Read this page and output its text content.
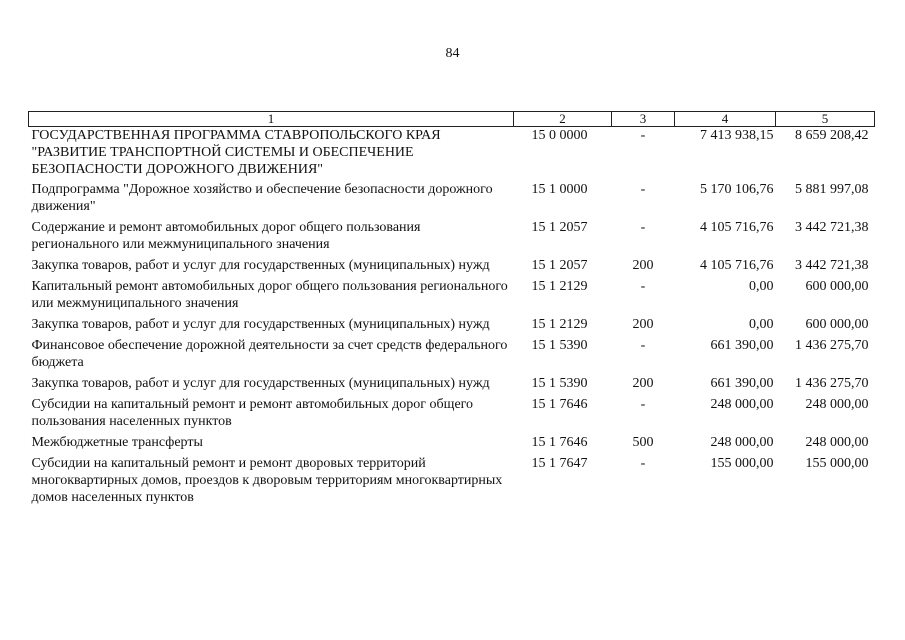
84
1	2	3	4	5
ГОСУДАРСТВЕННАЯ ПРОГРАММА СТАВРОПОЛЬСКОГО КРАЯ "РАЗВИТИЕ ТРАНСПОРТНОЙ СИСТЕМЫ И ОБЕСПЕЧЕНИЕ БЕЗОПАСНОСТИ ДОРОЖНОГО ДВИЖЕНИЯ"	15 0 0000	-	7 413 938,15	8 659 208,42
Подпрограмма "Дорожное хозяйство и обеспечение безопасности дорожного движения"	15 1 0000	-	5 170 106,76	5 881 997,08
Содержание и ремонт автомобильных дорог общего пользования регионального или межмуниципального значения	15 1 2057	-	4 105 716,76	3 442 721,38
Закупка товаров, работ и услуг для государственных (муниципальных) нужд	15 1 2057	200	4 105 716,76	3 442 721,38
Капитальный ремонт автомобильных дорог общего пользования регионального или межмуниципального значения	15 1 2129	-	0,00	600 000,00
Закупка товаров, работ и услуг для государственных (муниципальных) нужд	15 1 2129	200	0,00	600 000,00
Финансовое обеспечение дорожной деятельности за счет средств федерального бюджета	15 1 5390	-	661 390,00	1 436 275,70
Закупка товаров, работ и услуг для государственных (муниципальных) нужд	15 1 5390	200	661 390,00	1 436 275,70
Субсидии на капитальный ремонт и ремонт автомобильных дорог общего пользования населенных пунктов	15 1 7646	-	248 000,00	248 000,00
Межбюджетные трансферты	15 1 7646	500	248 000,00	248 000,00
Субсидии на капитальный ремонт и ремонт дворовых территорий многоквартирных домов, проездов к дворовым территориям многоквартирных домов населенных пунктов	15 1 7647	-	155 000,00	155 000,00
